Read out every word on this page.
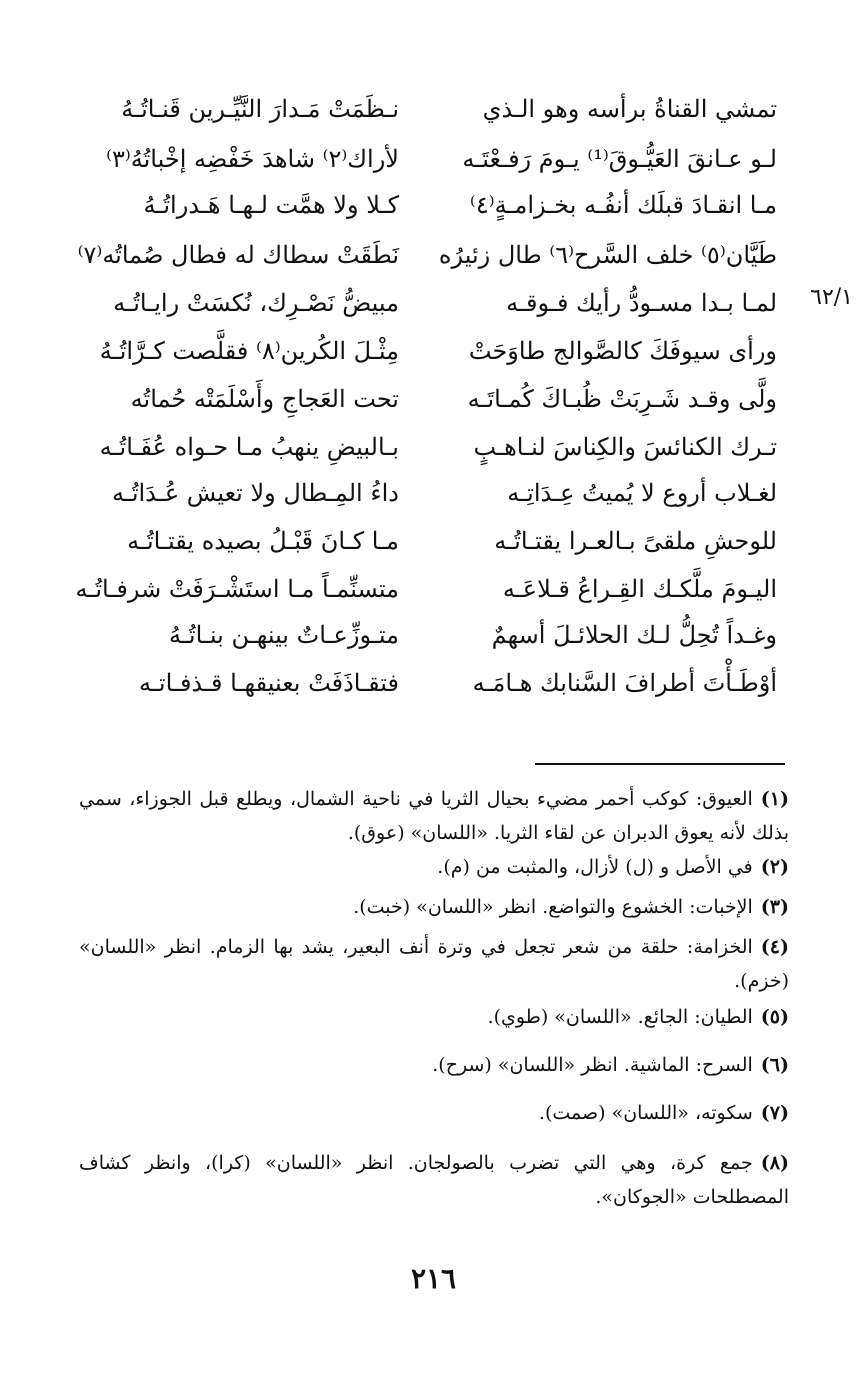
٦٢/١
تمشي القناةُ برأسه وهو الـذي
لـو عـانقَ العَيُّـوقَ⁽¹⁾ يـومَ رَفـعْتَـه
مـا انقـادَ قبلَك أنفُـه بخـزامـةٍ⁽٤⁾
طَيَّان⁽٥⁾ خلف السَّرح⁽٦⁾ طال زئيرُه
لمـا بـدا مسـودُّ رأيك فـوقـه
ورأى سيوفَكَ كالصَّوالج طاوَحَتْ
ولَّى وقـد شَـرِبَتْ ظُبـاكَ كُمـاتَـه
تـرك الكنائسَ والكِناسَ لنـاهـبٍ
لغـلاب أروع لا يُميتُ عِـدَاتِـه
للوحشِ ملقىً بـالعـرا يقتـاتُـه
اليـومَ ملَّكـك القِـراعُ قـلاعَـه
وغـداً تُحِلُّ لـك الحلائـلَ أسهمٌ
أوْطَـأْتَ أطرافَ السَّنابك هـامَـه
نـظَمَتْ مَـدارَ النَّيِّـرين قَنـاتُـهُ
لأراك⁽٢⁾ شاهدَ خَفْضِه إخْباتُهُ⁽٣⁾
كـلا ولا همَّت لـهـا هَـدراتُـهُ
نَطَقَتْ سطاك له فطال صُماتُه⁽٧⁾
مبيضُّ نَصْـرِك، نُكسَتْ رايـاتُـه
مِثْـلَ الكُرين⁽٨⁾ فقلَّصت كـرَّاتُـهُ
تحت العَجاجِ وأَسْلَمَتْه حُماتُه
بـالبيضِ ينهبُ مـا حـواه عُفَـاتُـه
داءُ المِـطال ولا تعيش عُـدَاتُـه
مـا كـانَ قَبْـلُ بصيده يقتـاتُـه
متسنِّمـاً مـا استَشْـرَفَتْ شرفـاتُـه
متـوزِّعـاتٌ بينهـن بنـاتُـهُ
فتقـاذَفَتْ بعنيقهـا قـذفـاتـه
(١)العيوق: كوكب أحمر مضيء بحيال الثريا في ناحية الشمال، ويطلع قبل الجوزاء، سمي بذلك لأنه يعوق الدبران عن لقاء الثريا. «اللسان» (عوق).
(٢)في الأصل و (ل) لأزال، والمثبت من (م).
(٣)الإخبات: الخشوع والتواضع. انظر «اللسان» (خبت).
(٤)الخزامة: حلقة من شعر تجعل في وترة أنف البعير، يشد بها الزمام. انظر «اللسان» (خزم).
(٥)الطيان: الجائع. «اللسان» (طوي).
(٦)السرح: الماشية. انظر «اللسان» (سرح).
(٧)سكوته، «اللسان» (صمت).
(٨)جمع كرة، وهي التي تضرب بالصولجان. انظر «اللسان» (كرا)، وانظر كشاف المصطلحات «الجوكان».
٢١٦
